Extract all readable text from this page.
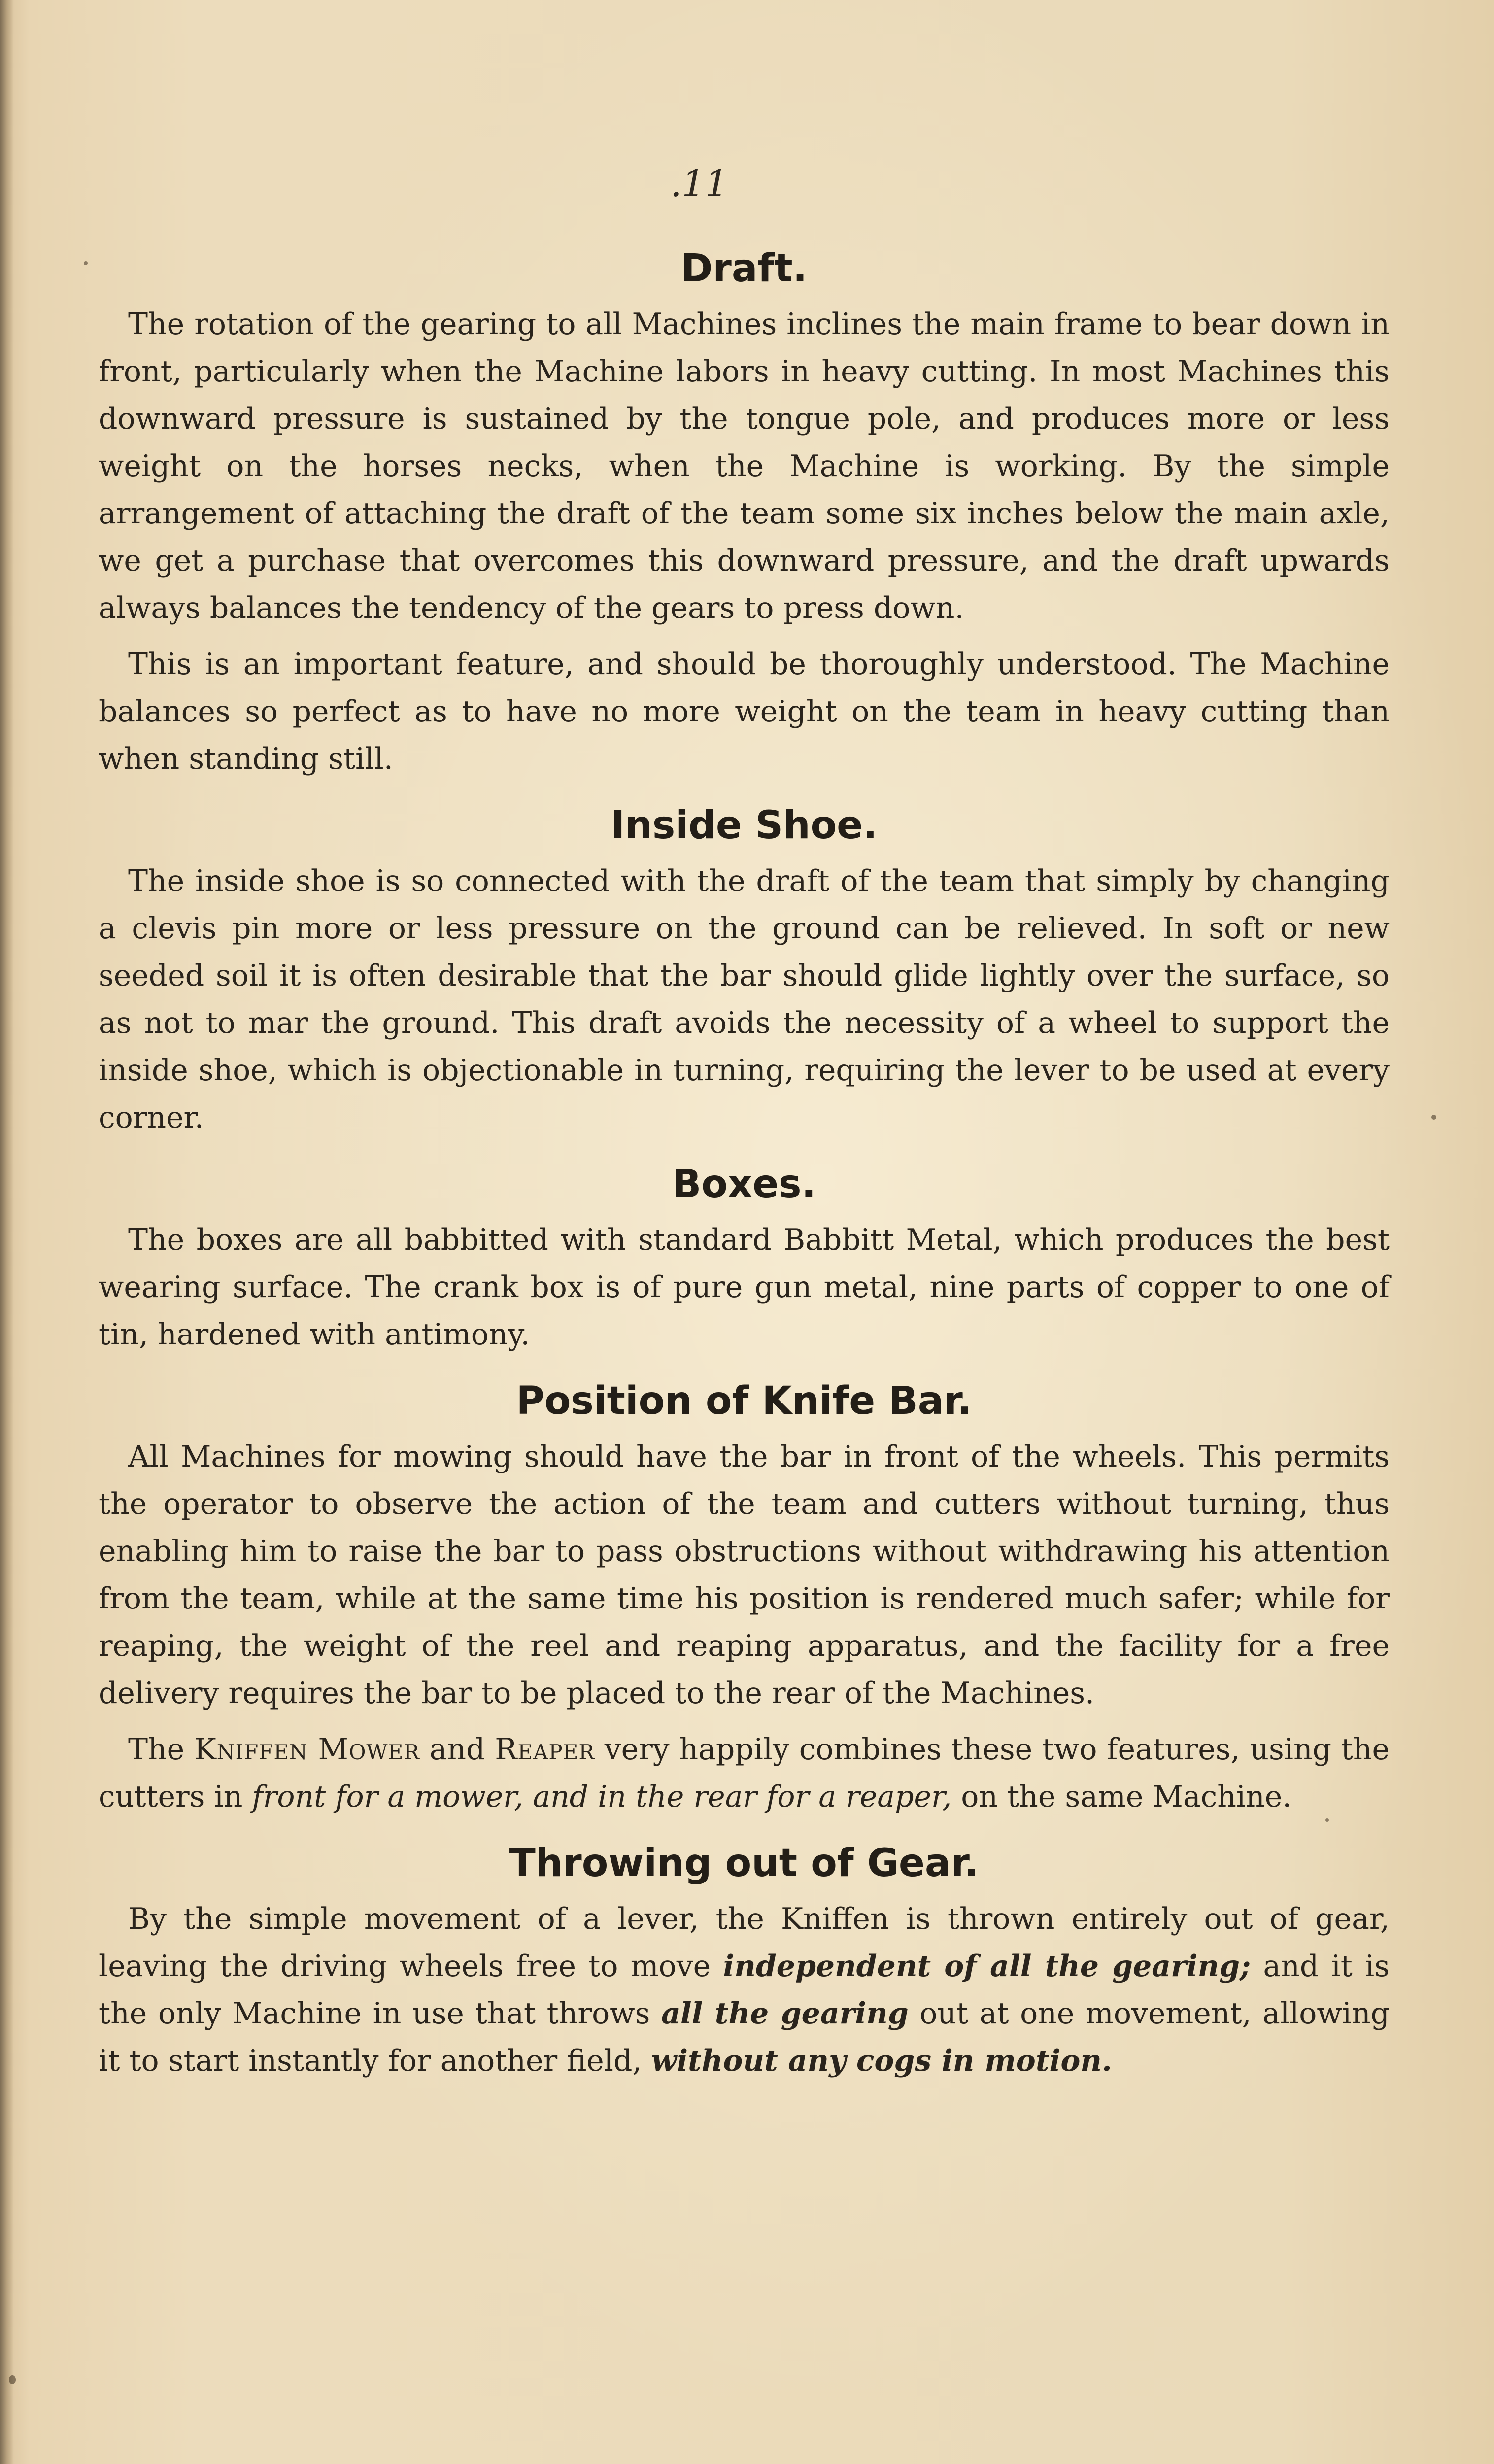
.11
Draft.

The rotation of the gearing to all Machines inclines the main frame to bear down in front, particularly when the Machine labors in heavy cutting. In most Machines this downward pressure is sustained by the tongue pole, and produces more or less weight on the horses necks, when the Machine is working. By the simple arrangement of attaching the draft of the team some six inches below the main axle, we get a purchase that overcomes this downward pressure, and the draft upwards always balances the tendency of the gears to press down.

This is an important feature, and should be thoroughly understood. The Machine balances so perfect as to have no more weight on the team in heavy cutting than when standing still.

Inside Shoe.

The inside shoe is so connected with the draft of the team that simply by changing a clevis pin more or less pressure on the ground can be relieved. In soft or new seeded soil it is often desirable that the bar should glide lightly over the surface, so as not to mar the ground. This draft avoids the necessity of a wheel to support the inside shoe, which is objectionable in turning, requiring the lever to be used at every corner.

Boxes.

The boxes are all babbitted with standard Babbitt Metal, which produces the best wearing surface. The crank box is of pure gun metal, nine parts of copper to one of tin, hardened with antimony.

Position of Knife Bar.

All Machines for mowing should have the bar in front of the wheels. This permits the operator to observe the action of the team and cutters without turning, thus enabling him to raise the bar to pass obstructions without withdrawing his attention from the team, while at the same time his position is rendered much safer; while for reaping, the weight of the reel and reaping apparatus, and the facility for a free delivery requires the bar to be placed to the rear of the Machines.

The Kniffen Mower and Reaper very happily combines these two features, using the cutters in front for a mower, and in the rear for a reaper, on the same Machine.

Throwing out of Gear.

By the simple movement of a lever, the Kniffen is thrown entirely out of gear, leaving the driving wheels free to move independent of all the gearing; and it is the only Machine in use that throws all the gearing out at one movement, allowing it to start instantly for another field, without any cogs in motion.
